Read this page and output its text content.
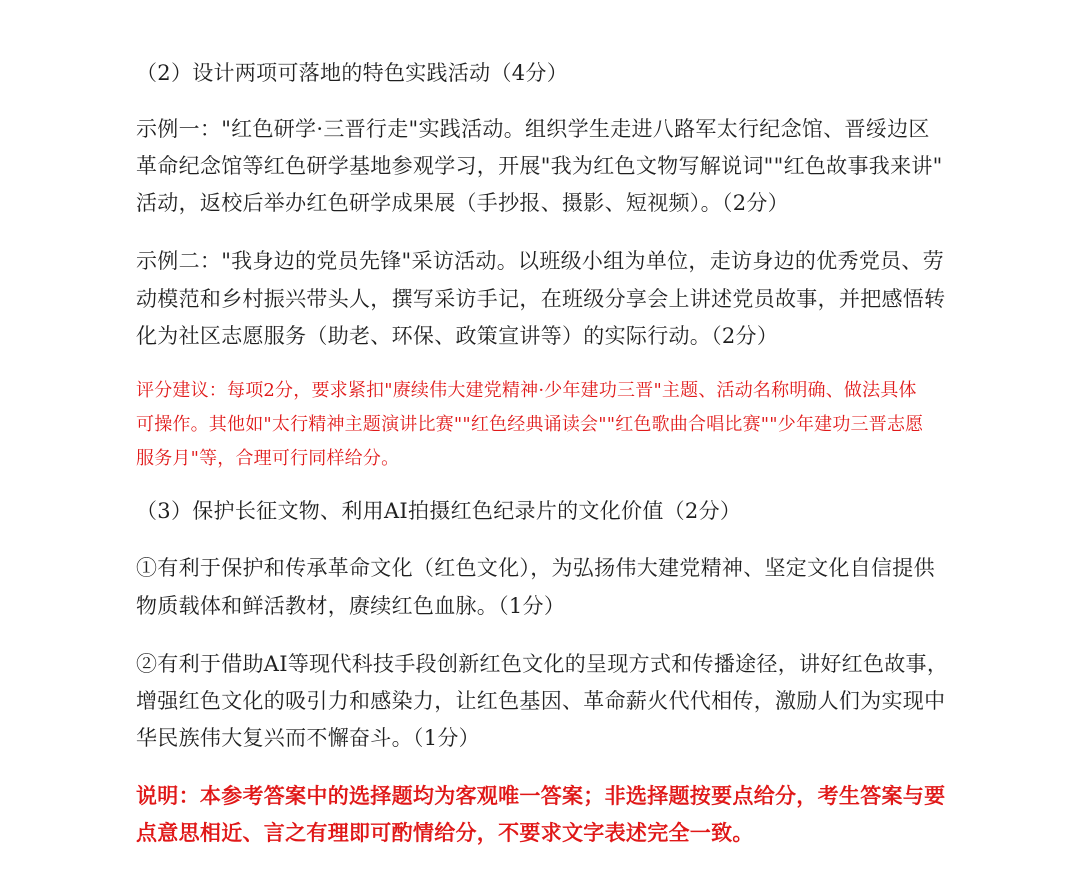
（2）设计两项可落地的特色实践活动（4分）
示例一："红色研学·三晋行走"实践活动。组织学生走进八路军太行纪念馆、晋绥边区
革命纪念馆等红色研学基地参观学习，开展"我为红色文物写解说词""红色故事我来讲"
活动，返校后举办红色研学成果展（手抄报、摄影、短视频）。（2分）
示例二："我身边的党员先锋"采访活动。以班级小组为单位，走访身边的优秀党员、劳
动模范和乡村振兴带头人，撰写采访手记，在班级分享会上讲述党员故事，并把感悟转
化为社区志愿服务（助老、环保、政策宣讲等）的实际行动。（2分）
评分建议：每项2分，要求紧扣"赓续伟大建党精神·少年建功三晋"主题、活动名称明确、做法具体
可操作。其他如"太行精神主题演讲比赛""红色经典诵读会""红色歌曲合唱比赛""少年建功三晋志愿
服务月"等，合理可行同样给分。
（3）保护长征文物、利用AI拍摄红色纪录片的文化价值（2分）
①有利于保护和传承革命文化（红色文化），为弘扬伟大建党精神、坚定文化自信提供
物质载体和鲜活教材，赓续红色血脉。（1分）
②有利于借助AI等现代科技手段创新红色文化的呈现方式和传播途径，讲好红色故事，
增强红色文化的吸引力和感染力，让红色基因、革命薪火代代相传，激励人们为实现中
华民族伟大复兴而不懈奋斗。（1分）
说明：本参考答案中的选择题均为客观唯一答案；非选择题按要点给分，考生答案与要
点意思相近、言之有理即可酌情给分，不要求文字表述完全一致。
